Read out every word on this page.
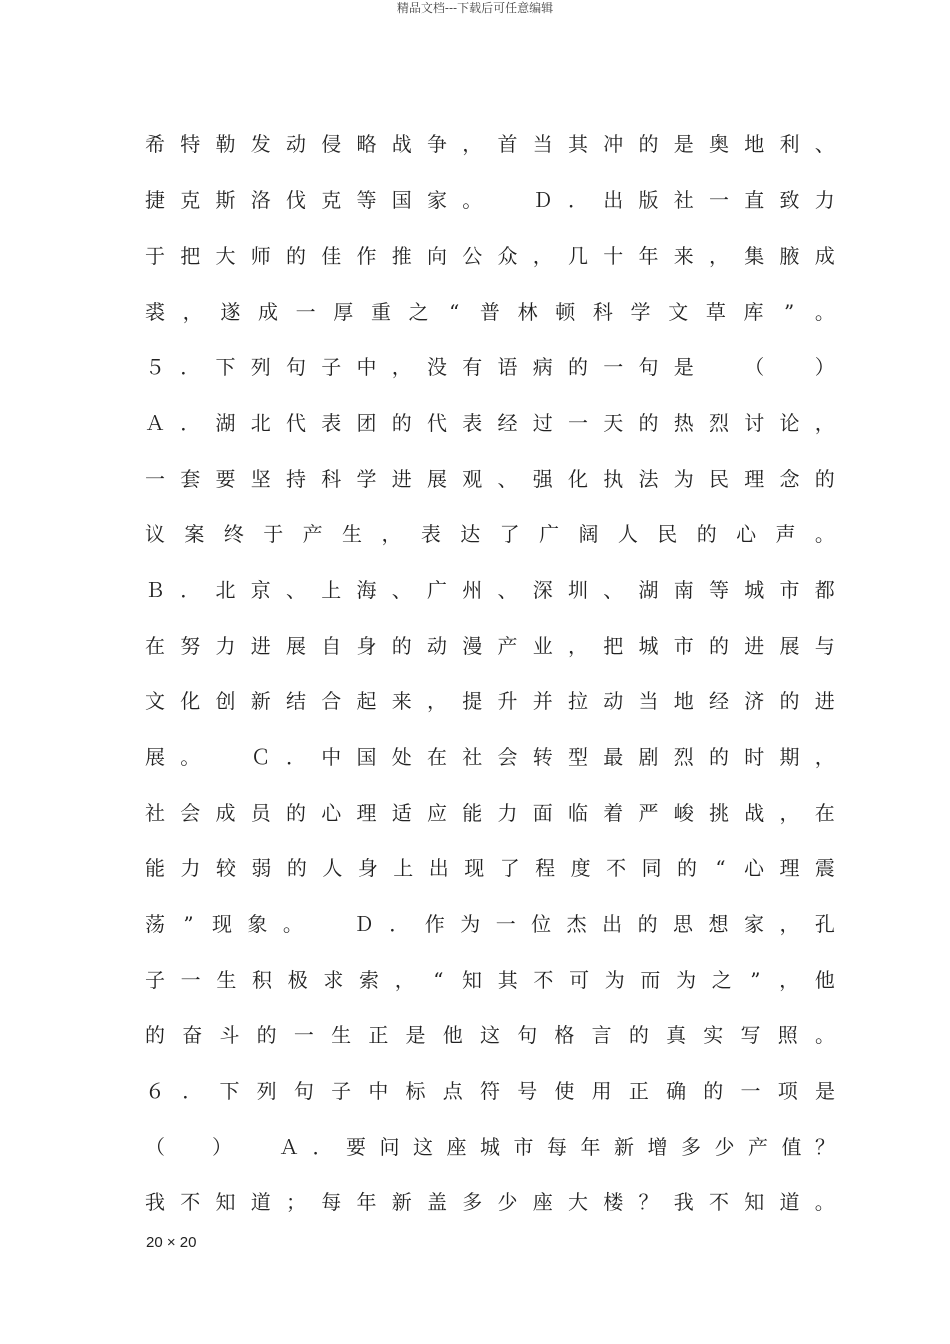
精品文档---下载后可任意编辑
希 特 勒 发 动 侵 略 战 争 ， 首 当 其 冲 的 是 奥 地 利 、
捷 克 斯 洛 伐 克 等 国 家 。
　	Ｄ ． 出 版 社 一 直 致 力
于 把 大 师 的 佳 作 推 向 公 众 ， 几 十 年 来 ， 集 腋 成
裘 ， 遂 成 一 厚 重 之 “ 普 林 顿 科 学 文 草 库 ” 。
５ ． 下 列 句 子 中 ， 没 有 语 病 的 一 句 是
　	（
　	）
Ａ ． 湖 北 代 表 团 的 代 表 经 过 一 天 的 热 烈 讨 论 ，
一 套 要 坚 持 科 学 进 展 观 、 强 化 执 法 为 民 理 念 的
议 案 终 于 产 生 ， 表 达 了 广 阔 人 民 的 心 声 。
Ｂ ． 北 京 、 上 海 、 广 州 、 深 圳 、 湖 南 等 城 市 都
在 努 力 进 展 自 身 的 动 漫 产 业 ， 把 城 市 的 进 展 与
文 化 创 新 结 合 起 来 ， 提 升 并 拉 动 当 地 经 济 的 进
展 。
　	Ｃ ． 中 国 处 在 社 会 转 型 最 剧 烈 的 时 期 ，
社 会 成 员 的 心 理 适 应 能 力 面 临 着 严 峻 挑 战 ， 在
能 力 较 弱 的 人 身 上 出 现 了 程 度 不 同 的 “ 心 理 震
荡 ” 现 象 。
　	Ｄ ． 作 为 一 位 杰 出 的 思 想 家 ， 孔
子 一 生 积 极 求 索 ， “ 知 其 不 可 为 而 为 之 ” ， 他
的 奋 斗 的 一 生 正 是 他 这 句 格 言 的 真 实 写 照 。
６ ． 下 列 句 子 中 标 点 符 号 使 用 正 确 的 一 项 是
（
　 ）
　 Ａ ． 要 问 这 座 城 市 每 年 新 增 多 少 产 值 ？
我 不 知 道 ； 每 年 新 盖 多 少 座 大 楼 ？ 我 不 知 道 。
20 × 20
